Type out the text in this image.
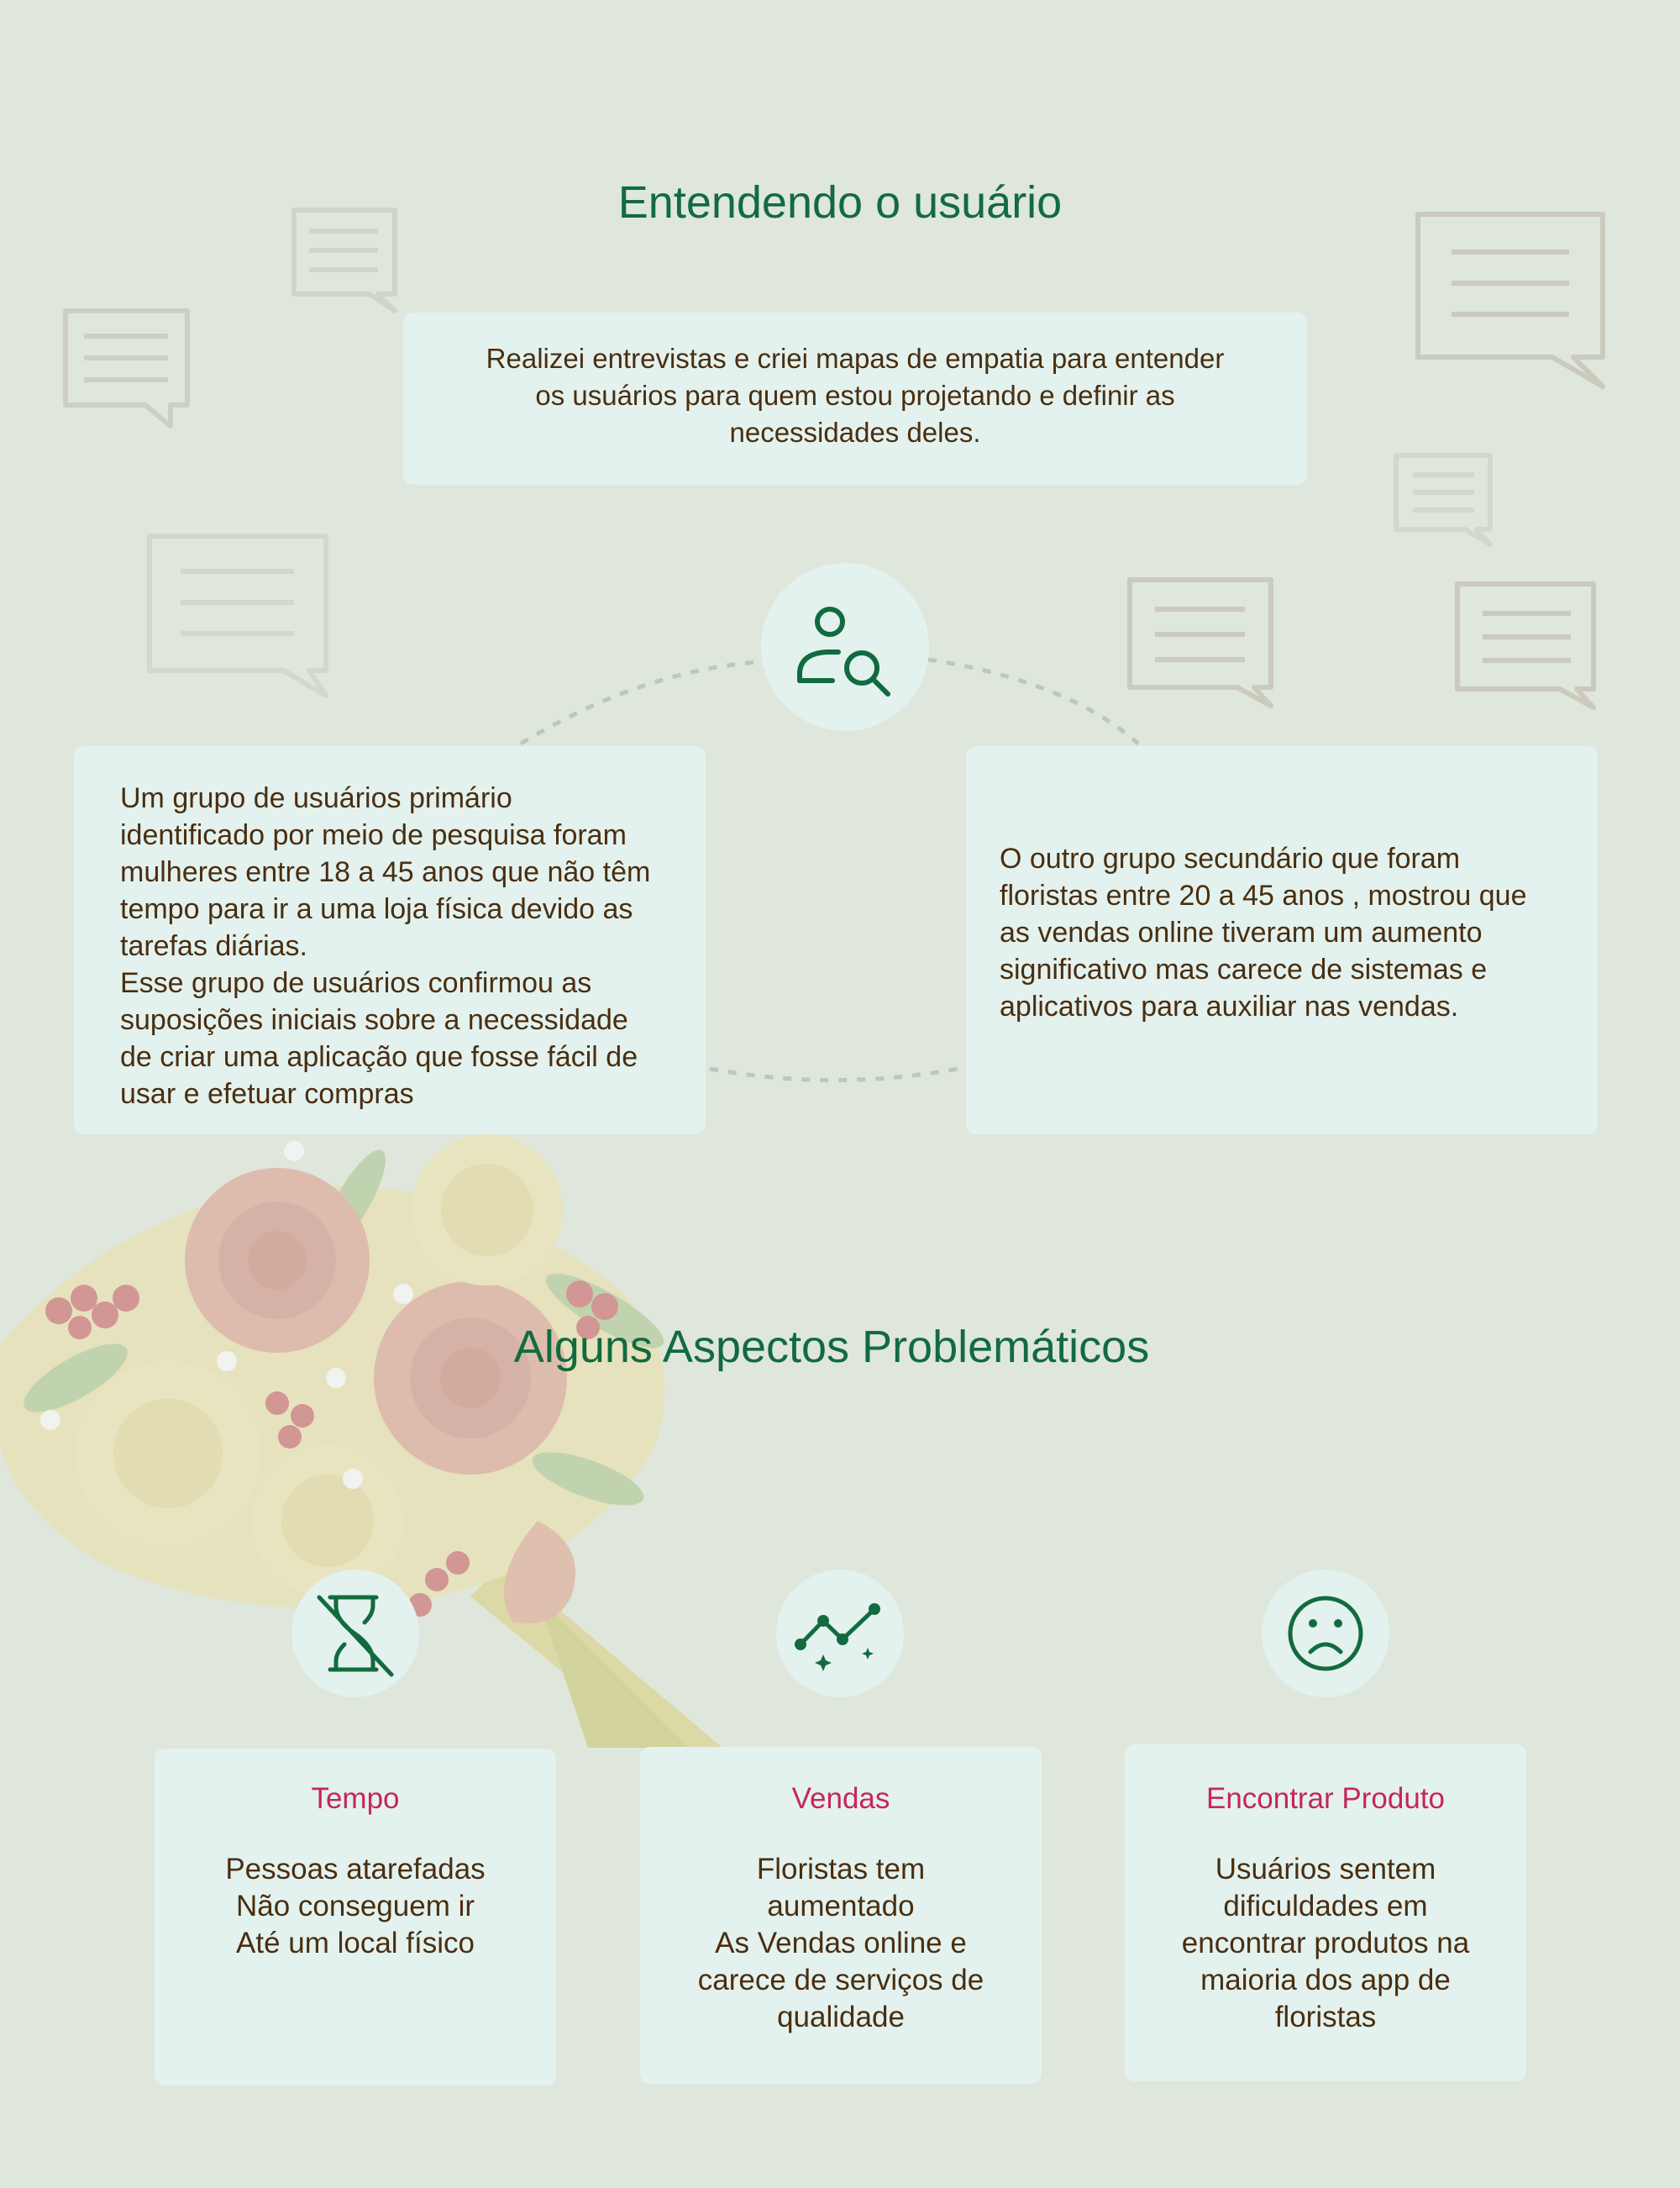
Entendendo o usuário
Realizei entrevistas e criei mapas de empatia para entender
os usuários para quem estou projetando e definir as
necessidades deles.
Um grupo de usuários primário
identificado por meio de pesquisa foram
mulheres entre 18 a 45 anos que não têm
tempo para ir a uma loja física devido as
tarefas diárias.
Esse grupo de usuários confirmou as
suposições iniciais sobre a necessidade
de criar uma aplicação que fosse fácil de
usar e efetuar compras
O outro grupo secundário que foram
floristas entre 20 a 45 anos , mostrou que
as vendas online tiveram um aumento
significativo mas carece de sistemas e
aplicativos para auxiliar nas vendas.
Alguns Aspectos Problemáticos
Tempo
Pessoas atarefadas
Não conseguem ir
Até um local físico
Vendas
Floristas tem
aumentado
As Vendas online e
carece de serviços de
qualidade
Encontrar Produto
Usuários sentem
dificuldades em
encontrar produtos na
maioria dos app de
floristas
